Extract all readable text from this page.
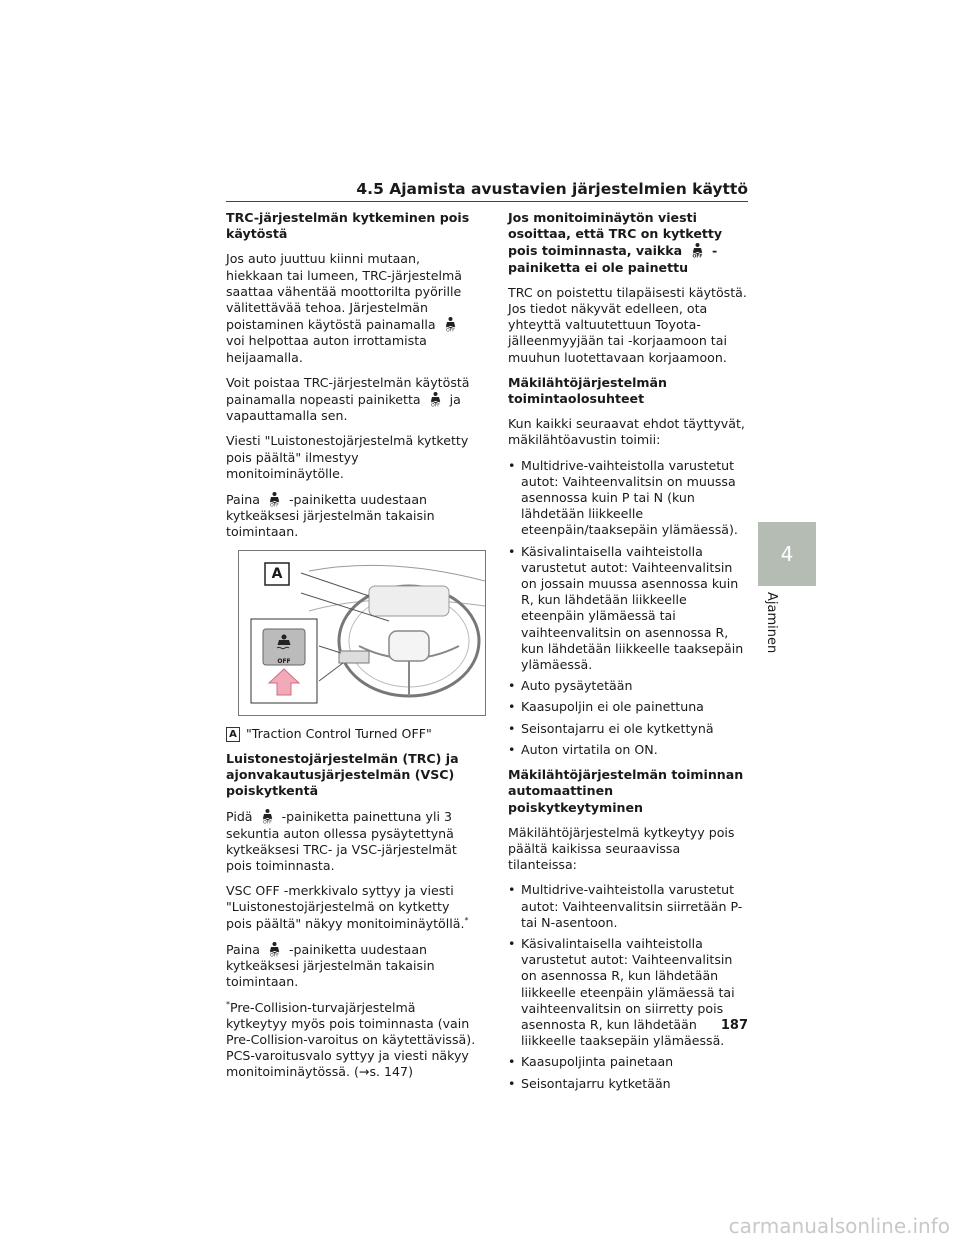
4.5 Ajamista avustavien järjestelmien käyttö
TRC-järjestelmän kytkeminen pois käytöstä

Jos auto juuttuu kiinni mutaan, hiekkaan tai lumeen, TRC-järjestelmä saattaa vähentää moottorilta pyörille välitettävää tehoa. Järjestelmän poistaminen käytöstä painamalla OFF
voi helpottaa auton irrottamista heijaamalla.

Voit poistaa TRC-järjestelmän käytöstä painamalla nopeasti painiketta OFF ja vapauttamalla sen.

Viesti "Luistonestojärjestelmä kytketty pois päältä" ilmestyy monitoiminäytölle.

Paina OFF -painiketta uudestaan kytkeäksesi järjestelmän takaisin toimintaan.

A
OFF

A "Traction Control Turned OFF"

Luistonestojärjestelmän (TRC) ja ajonvakautusjärjestelmän (VSC) poiskytkentä

Pidä OFF -painiketta painettuna yli 3 sekuntia auton ollessa pysäytettynä kytkeäksesi TRC- ja VSC-järjestelmät pois toiminnasta.

VSC OFF -merkkivalo syttyy ja viesti "Luistonestojärjestelmä on kytketty pois päältä" näkyy monitoiminäytöllä.*

Paina OFF -painiketta uudestaan kytkeäksesi järjestelmän takaisin toimintaan.

*Pre-Collision-turvajärjestelmä kytkeytyy myös pois toiminnasta (vain Pre-Collision-varoitus on käytettävissä). PCS-varoitusvalo syttyy ja viesti näkyy monitoiminäytössä. (→s. 147)

Jos monitoiminäytön viesti osoittaa, että TRC on kytketty pois toiminnasta, vaikka OFF -painiketta ei ole painettu

TRC on poistettu tilapäisesti käytöstä. Jos tiedot näkyvät edelleen, ota yhteyttä valtuutettuun Toyota-jälleenmyyjään tai -korjaamoon tai muuhun luotettavaan korjaamoon.

Mäkilähtöjärjestelmän toimintaolosuhteet

Kun kaikki seuraavat ehdot täyttyvät, mäkilähtöavustin toimii:

• Multidrive-vaihteistolla varustetut autot: Vaihteenvalitsin on muussa asennossa kuin P tai N (kun lähdetään liikkeelle eteenpäin/taaksepäin ylämäessä).
• Käsivalintaisella vaihteistolla varustetut autot: Vaihteenvalitsin on jossain muussa asennossa kuin R, kun lähdetään liikkeelle eteenpäin ylämäessä tai vaihteenvalitsin on asennossa R, kun lähdetään liikkeelle taaksepäin ylämäessä.
• Auto pysäytetään
• Kaasupoljin ei ole painettuna
• Seisontajarru ei ole kytkettynä
• Auton virtatila on ON.
Mäkilähtöjärjestelmän toiminnan automaattinen poiskytkeytyminen

Mäkilähtöjärjestelmä kytkeytyy pois päältä kaikissa seuraavissa tilanteissa:

• Multidrive-vaihteistolla varustetut autot: Vaihteenvalitsin siirretään P- tai N-asentoon.
• Käsivalintaisella vaihteistolla varustetut autot: Vaihteenvalitsin on asennossa R, kun lähdetään liikkeelle eteenpäin ylämäessä tai vaihteenvalitsin on siirretty pois asennosta R, kun lähdetään liikkeelle taaksepäin ylämäessä.
• Kaasupoljinta painetaan
• Seisontajarru kytketään
4
Ajaminen
187
carmanualsonline.info
